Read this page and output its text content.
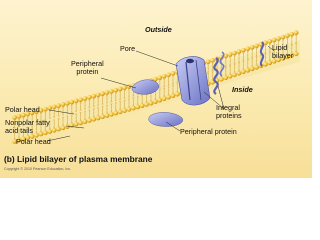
Outside
Pore
Peripheral
protein
Lipid
bilayer
Inside
Polar head
Nonpolar fatty
acid tails
Integral
proteins
Peripheral protein
Polar head
(b) Lipid bilayer of plasma membrane
Copyright © 2010 Pearson Education, Inc.
